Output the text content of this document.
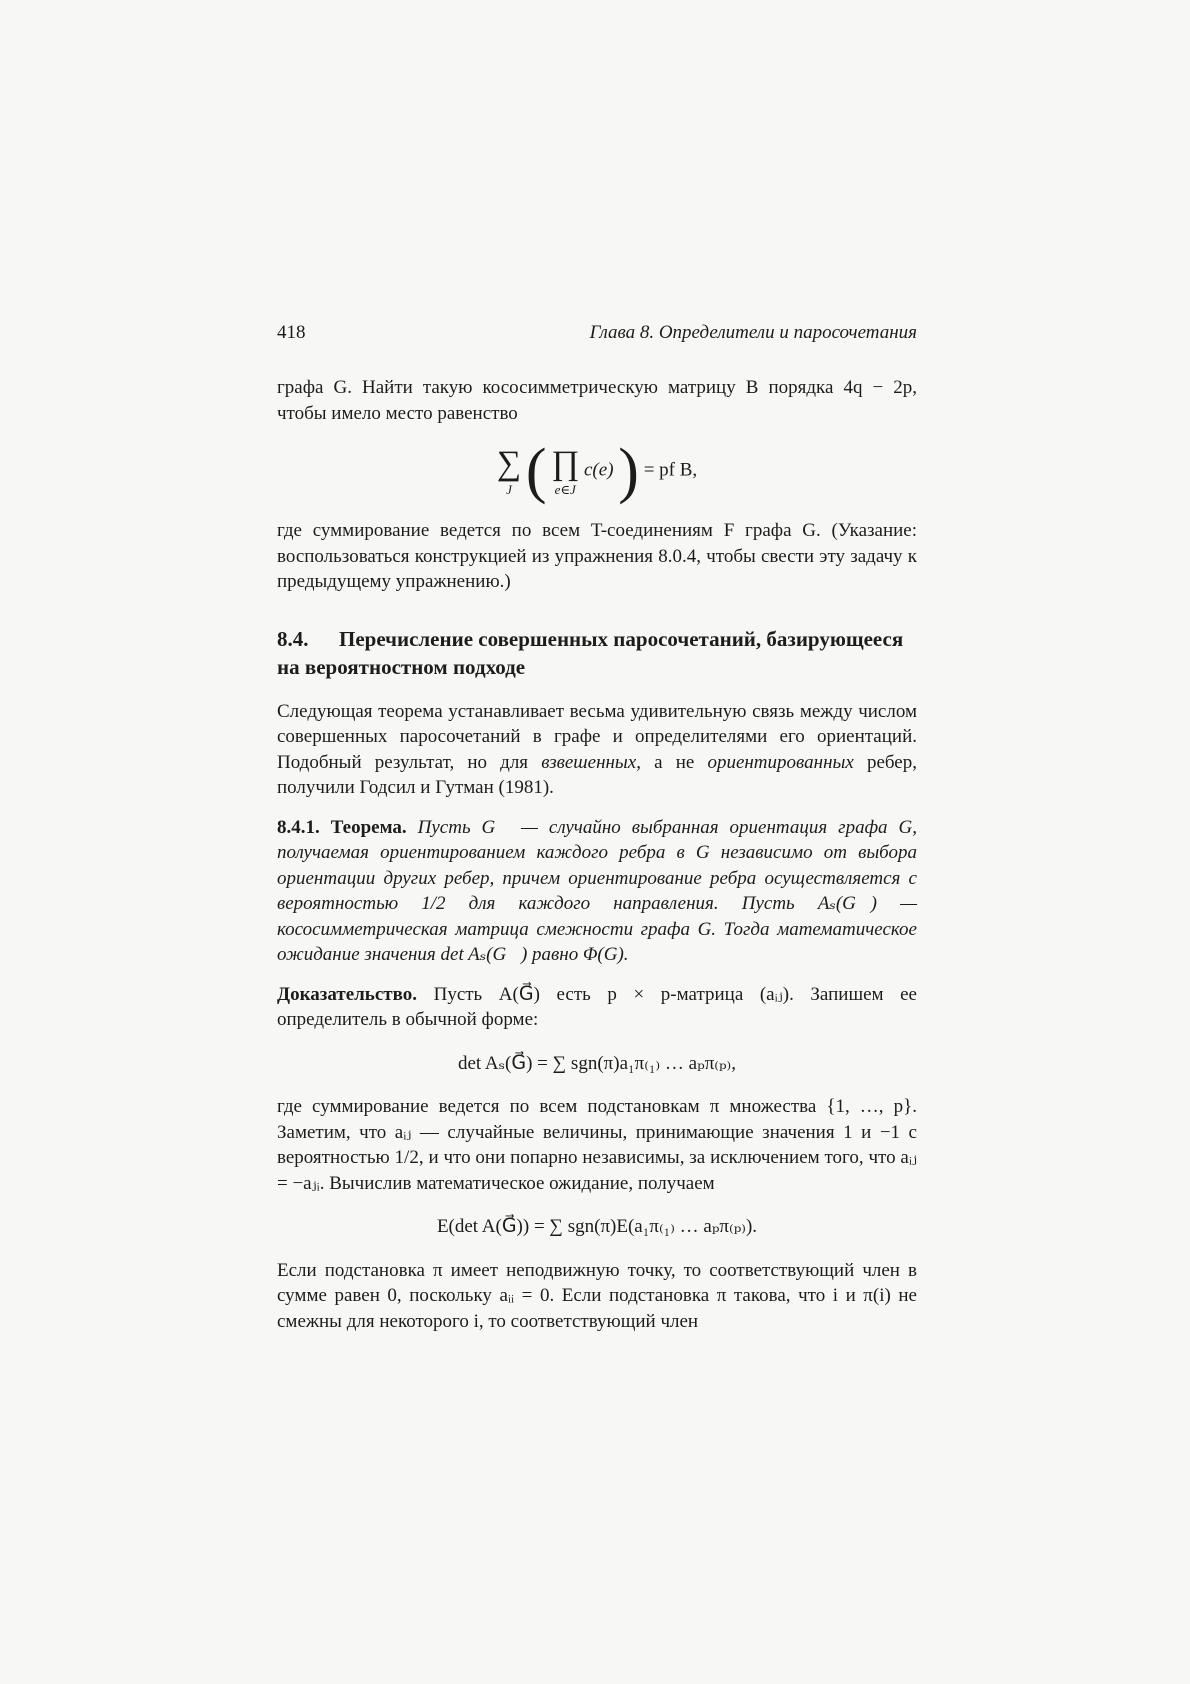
418	Глава 8. Определители и паросочетания

графа G. Найти такую кососимметрическую матрицу B порядка 4q − 2p, чтобы имело место равенство

∑
J ( ∏
e∈J
c(e) ) = pf B,

где суммирование ведется по всем T-соединениям F графа G. (Указание: воспользоваться конструкцией из упражнения 8.0.4, чтобы свести эту задачу к предыдущему упражнению.)

8.4. Перечисление совершенных паросочетаний, базирующееся на вероятностном подходе

Следующая теорема устанавливает весьма удивительную связь между числом совершенных паросочетаний в графе и определителями его ориентаций. Подобный результат, но для взвешенных, а не ориентированных ребер, получили Годсил и Гутман (1981).

8.4.1. Теорема. Пусть G⃗ — случайно выбранная ориентация графа G, получаемая ориентированием каждого ребра в G независимо от выбора ориентации других ребер, причем ориентирование ребра осуществляется с вероятностью 1/2 для каждого направления. Пусть Aₛ(G⃗) — кососимметрическая матрица смежности графа G. Тогда математическое ожидание значения det Aₛ(G⃗) равно Φ(G).

Доказательство. Пусть A(G⃗) есть p × p-матрица (aᵢⱼ). Запишем ее определитель в обычной форме:

det Aₛ(G⃗) = ∑ sgn(π)a₁π₍₁₎ … aₚπ₍ₚ₎,

где суммирование ведется по всем подстановкам π множества {1, …, p}. Заметим, что aᵢⱼ — случайные величины, принимающие значения 1 и −1 с вероятностью 1/2, и что они попарно независимы, за исключением того, что aᵢⱼ = −aⱼᵢ. Вычислив математическое ожидание, получаем

E(det A(G⃗)) = ∑ sgn(π)E(a₁π₍₁₎ … aₚπ₍ₚ₎).

Если подстановка π имеет неподвижную точку, то соответствующий член в сумме равен 0, поскольку aᵢᵢ = 0. Если подстановка π такова, что i и π(i) не смежны для некоторого i, то соответствующий член
